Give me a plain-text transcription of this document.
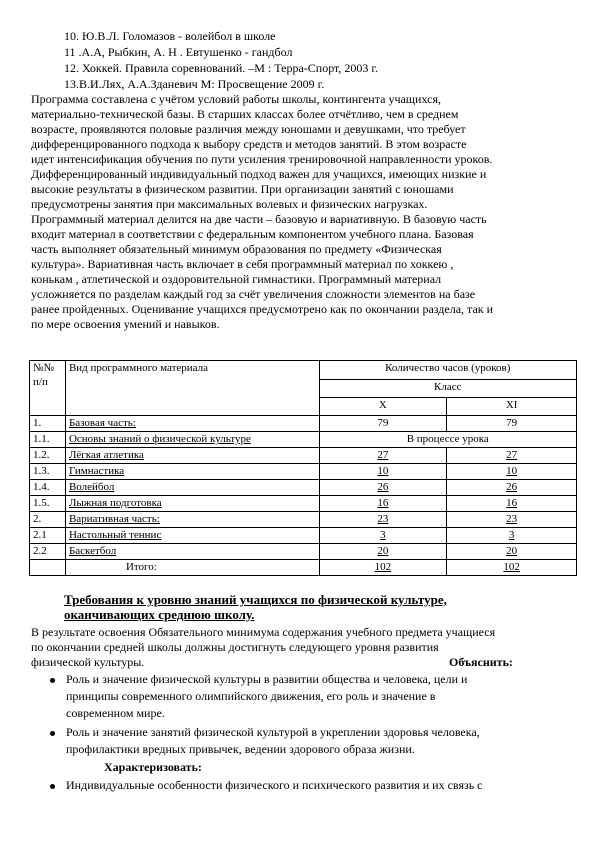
10. Ю.В.Л. Голомазов - волейбол в школе
11 .А.А, Рыбкин, А. Н . Евтушенко - гандбол
12. Хоккей. Правила соревнований. –М : Терра-Спорт, 2003 г.
13.В.И.Лях, А.А.Зданевич М: Просвещение 2009 г.
Программа составлена с учётом условий работы школы, контингента учащихся,
материально-технической базы. В старших классах более отчётливо, чем в среднем
возрасте, проявляются половые различия между юношами и девушками, что требует
дифференцированного подхода к выбору средств и методов занятий. В этом возрасте
идет интенсификация обучения по пути усиления тренировочной направленности уроков.
Дифференцированный индивидуальный подход важен для учащихся, имеющих низкие и
высокие результаты в физическом развитии. При организации занятий с юношами
предусмотрены занятия при максимальных волевых и физических нагрузках.
Программный материал делится на две части – базовую и вариативную. В базовую часть
входит материал в соответствии с федеральным компонентом учебного плана. Базовая
часть выполняет обязательный минимум образования по предмету «Физическая
культура». Вариативная часть включает в себя программный материал по хоккею ,
конькам , атлетической и оздоровительной гимнастики. Программный материал
усложняется по разделам каждый год за счёт увеличения сложности элементов на базе
ранее пройденных. Оценивание учащихся предусмотрено как по окончании раздела, так и
по мере освоения умений и навыков.
№№ п/п	Вид программного материала	Количество часов (уроков)	
		Класс	
		X	XI
1.	Базовая часть:	79	79
1.1.	Основы знаний о физической культуре	В процессе урока	
1.2.	Лёгкая атлетика	27	27
1.3.	Гимнастика	10	10
1.4.	Волейбол	26	26
1.5.	Лыжная подготовка	16	16
2.	Вариативная часть:	23	23
2.1	Настольный теннис	3	3
2.2	Баскетбол	20	20
	Итого:	102	102
Требования к уровню знаний учащихся по физической культуре,
оканчивающих среднюю школу.
В результате освоения Обязательного минимума содержания учебного предмета учащиеся
по окончании средней школы должны достигнуть следующего уровня развития
физической культуры.	Объяснить:
Роль и значение физической культуры в развитии общества и человека, цели и
принципы современного олимпийского движения, его роль и значение в
современном мире.
Роль и значение занятий физической культурой в укреплении здоровья человека,
профилактики вредных привычек, ведении здорового образа жизни.
Характеризовать:
Индивидуальные особенности физического и психического развития и их связь с
